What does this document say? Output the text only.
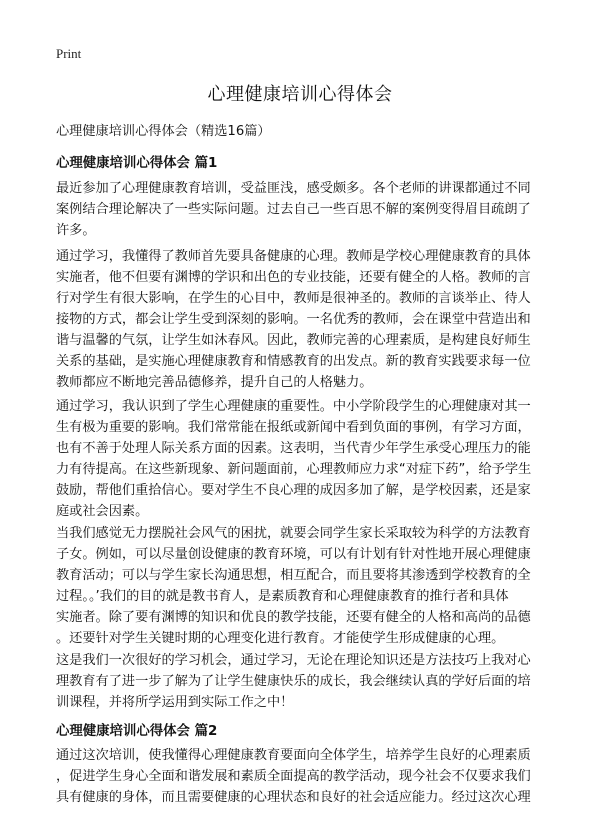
Print
心理健康培训心得体会
心理健康培训心得体会（精选16篇）
心理健康培训心得体会 篇1
最近参加了心理健康教育培训，受益匪浅，感受颇多。各个老师的讲课都通过不同
案例结合理论解决了一些实际问题。过去自己一些百思不解的案例变得眉目疏朗了
许多。
通过学习，我懂得了教师首先要具备健康的心理。教师是学校心理健康教育的具体
实施者，他不但要有渊博的学识和出色的专业技能，还要有健全的人格。教师的言
行对学生有很大影响，在学生的心目中，教师是很神圣的。教师的言谈举止、待人
接物的方式，都会让学生受到深刻的影响。一名优秀的教师，会在课堂中营造出和
谐与温馨的气氛，让学生如沐春风。因此，教师完善的心理素质，是构建良好师生
关系的基础，是实施心理健康教育和情感教育的出发点。新的教育实践要求每一位
教师都应不断地完善品德修养，提升自己的人格魅力。
通过学习，我认识到了学生心理健康的重要性。中小学阶段学生的心理健康对其一
生有极为重要的影响。我们常常能在报纸或新闻中看到负面的事例，有学习方面，
也有不善于处理人际关系方面的因素。这表明，当代青少年学生承受心理压力的能
力有待提高。在这些新现象、新问题面前，心理教师应力求“对症下药”，给予学生
鼓励，帮他们重拾信心。要对学生不良心理的成因多加了解，是学校因素，还是家
庭或社会因素。
当我们感觉无力摆脱社会风气的困扰，就要会同学生家长采取较为科学的方法教育
子女。例如，可以尽量创设健康的教育环境，可以有计划有针对性地开展心理健康
教育活动；可以与学生家长沟通思想，相互配合，而且要将其渗透到学校教育的全
过程。。’我们的目的就是教书育人，是素质教育和心理健康教育的推行者和具体
实施者。除了要有渊博的知识和优良的教学技能，还要有健全的人格和高尚的品德
。还要针对学生关键时期的心理变化进行教育。才能使学生形成健康的心理。
这是我们一次很好的学习机会，通过学习，无论在理论知识还是方法技巧上我对心
理教育有了进一步了解为了让学生健康快乐的成长，我会继续认真的学好后面的培
训课程，并将所学运用到实际工作之中！
心理健康培训心得体会 篇2
通过这次培训，使我懂得心理健康教育要面向全体学生，培养学生良好的心理素质
，促进学生身心全面和谐发展和素质全面提高的教学活动，现今社会不仅要求我们
具有健康的身体，而且需要健康的心理状态和良好的社会适应能力。经过这次心理
